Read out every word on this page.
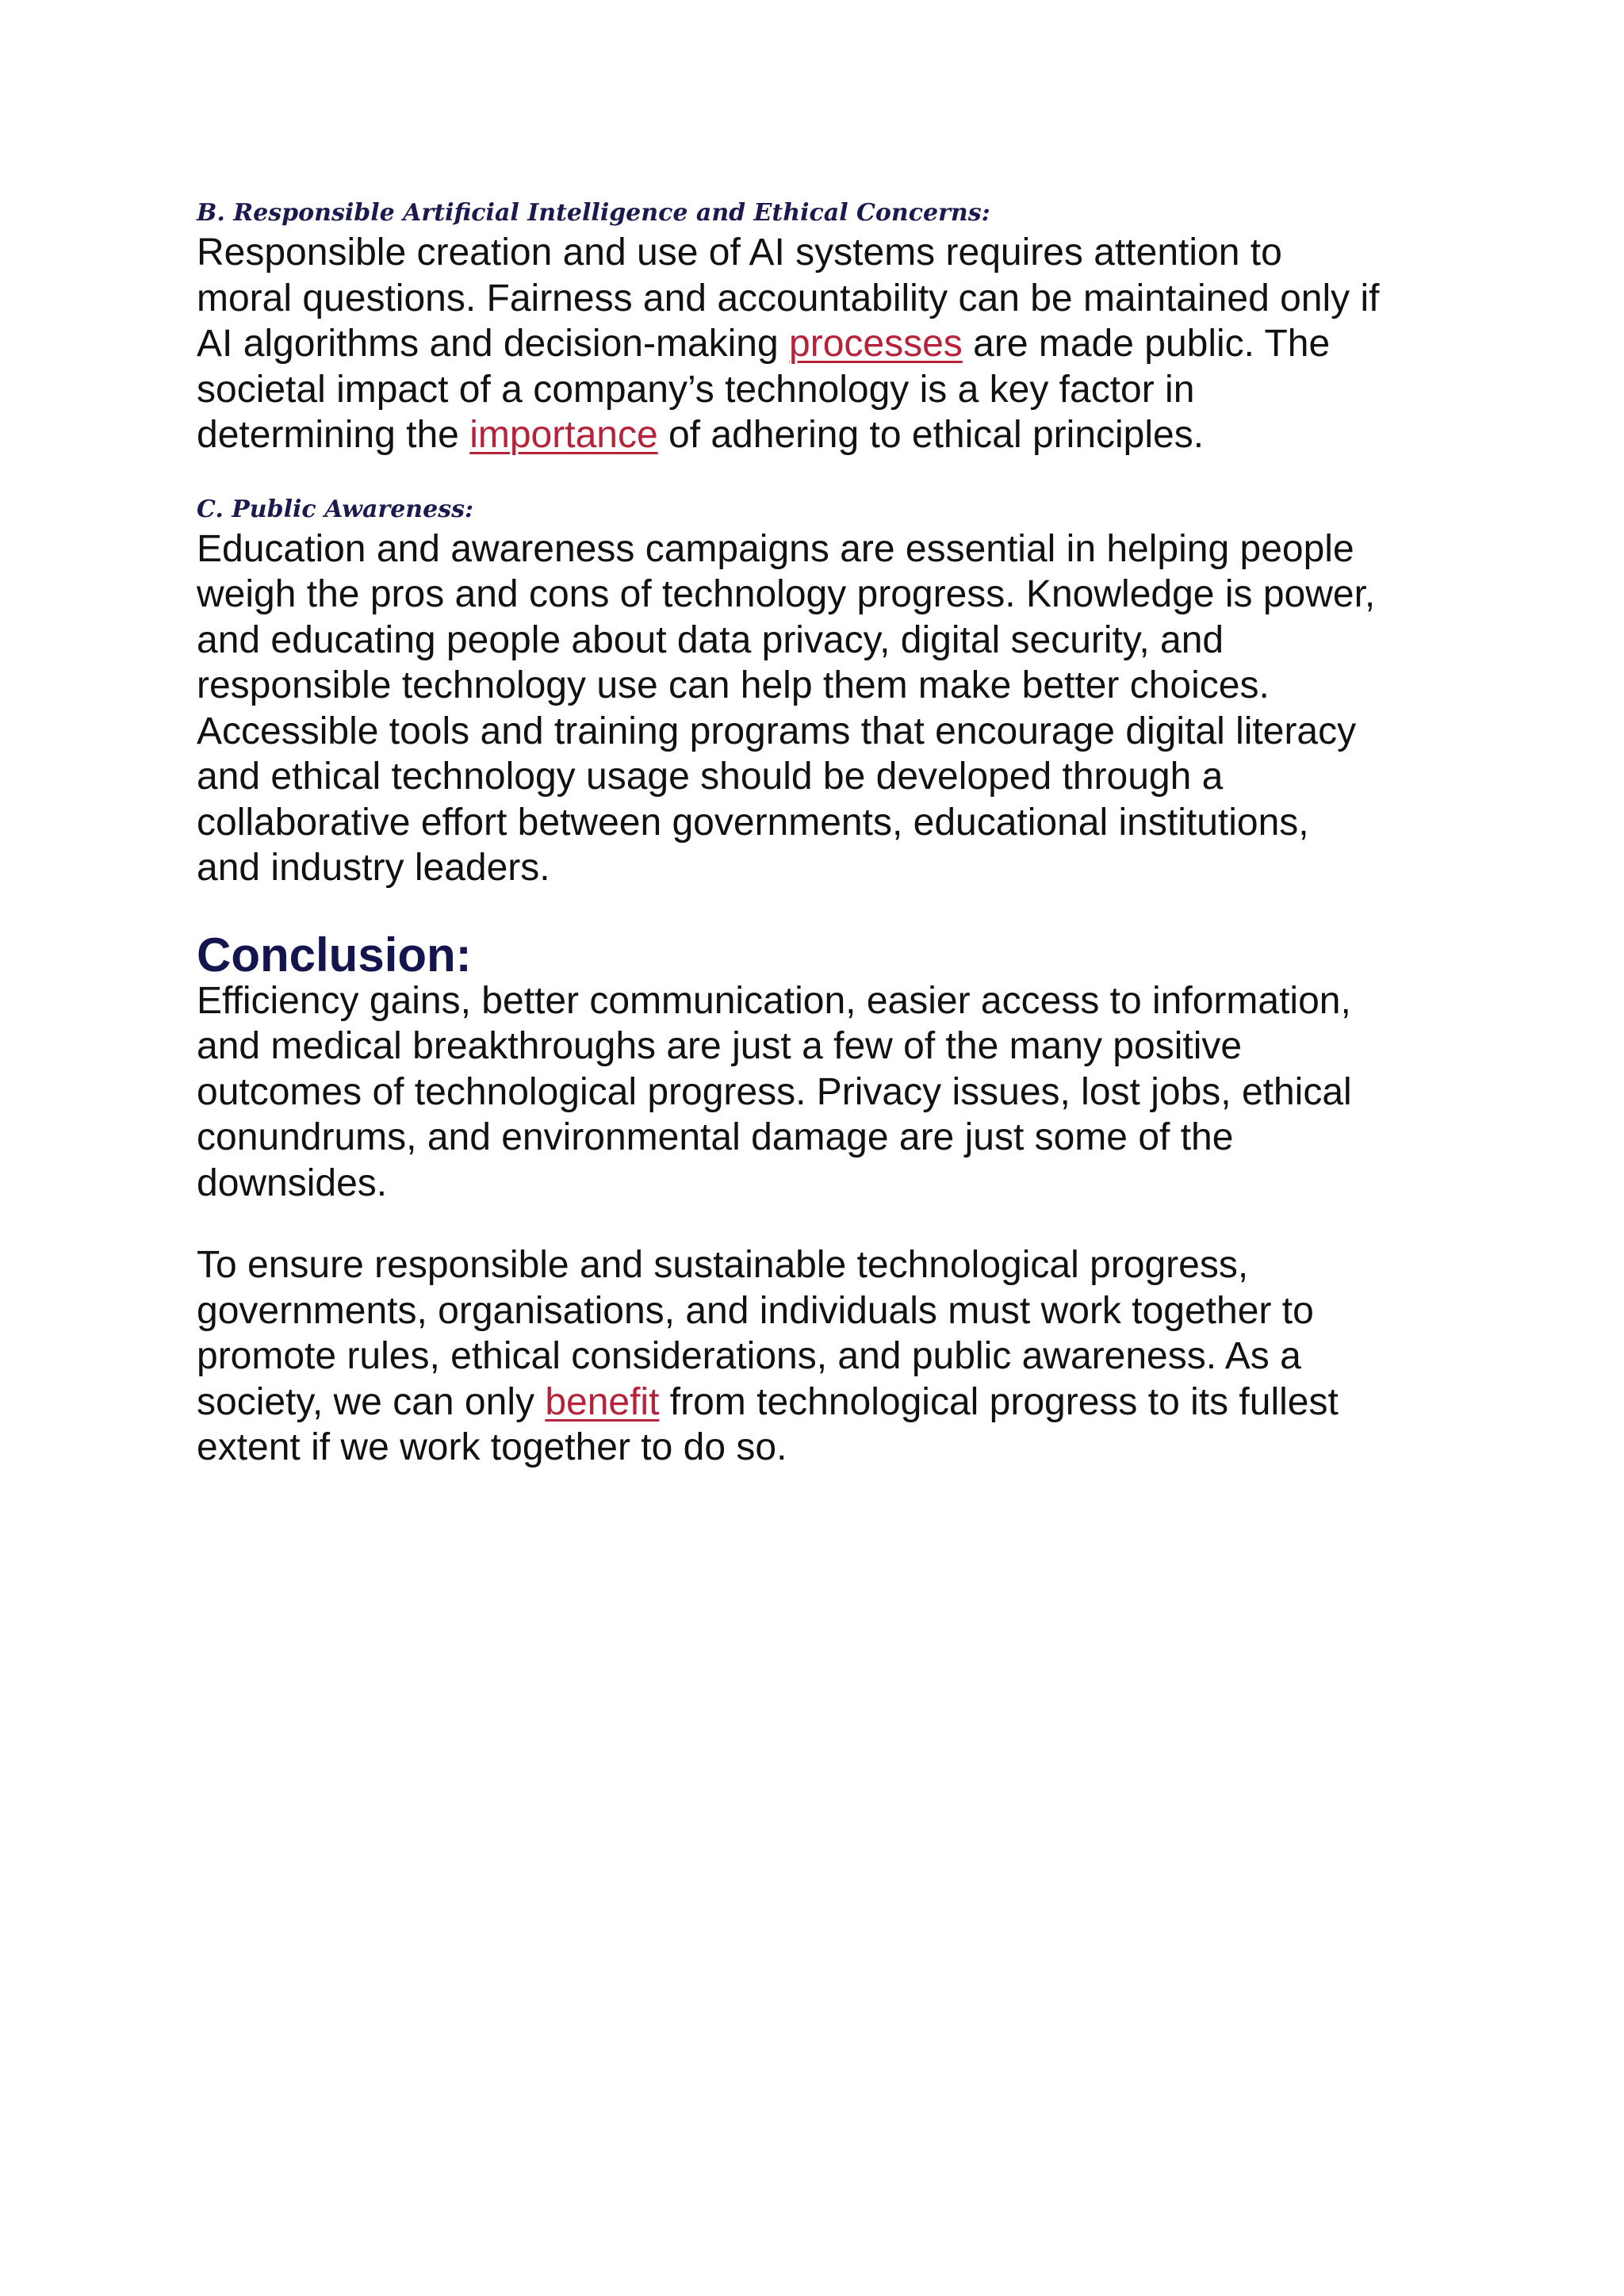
B. Responsible Artificial Intelligence and Ethical Concerns:

Responsible creation and use of AI systems requires attention to
moral questions. Fairness and accountability can be maintained only if
AI algorithms and decision-making processes are made public. The
societal impact of a company’s technology is a key factor in
determining the importance of adhering to ethical principles.

C. Public Awareness:

Education and awareness campaigns are essential in helping people
weigh the pros and cons of technology progress. Knowledge is power,
and educating people about data privacy, digital security, and
responsible technology use can help them make better choices.
Accessible tools and training programs that encourage digital literacy
and ethical technology usage should be developed through a
collaborative effort between governments, educational institutions,
and industry leaders.
Conclusion:
Efficiency gains, better communication, easier access to information,
and medical breakthroughs are just a few of the many positive
outcomes of technological progress. Privacy issues, lost jobs, ethical
conundrums, and environmental damage are just some of the
downsides.
To ensure responsible and sustainable technological progress,
governments, organisations, and individuals must work together to
promote rules, ethical considerations, and public awareness. As a
society, we can only benefit from technological progress to its fullest
extent if we work together to do so.
